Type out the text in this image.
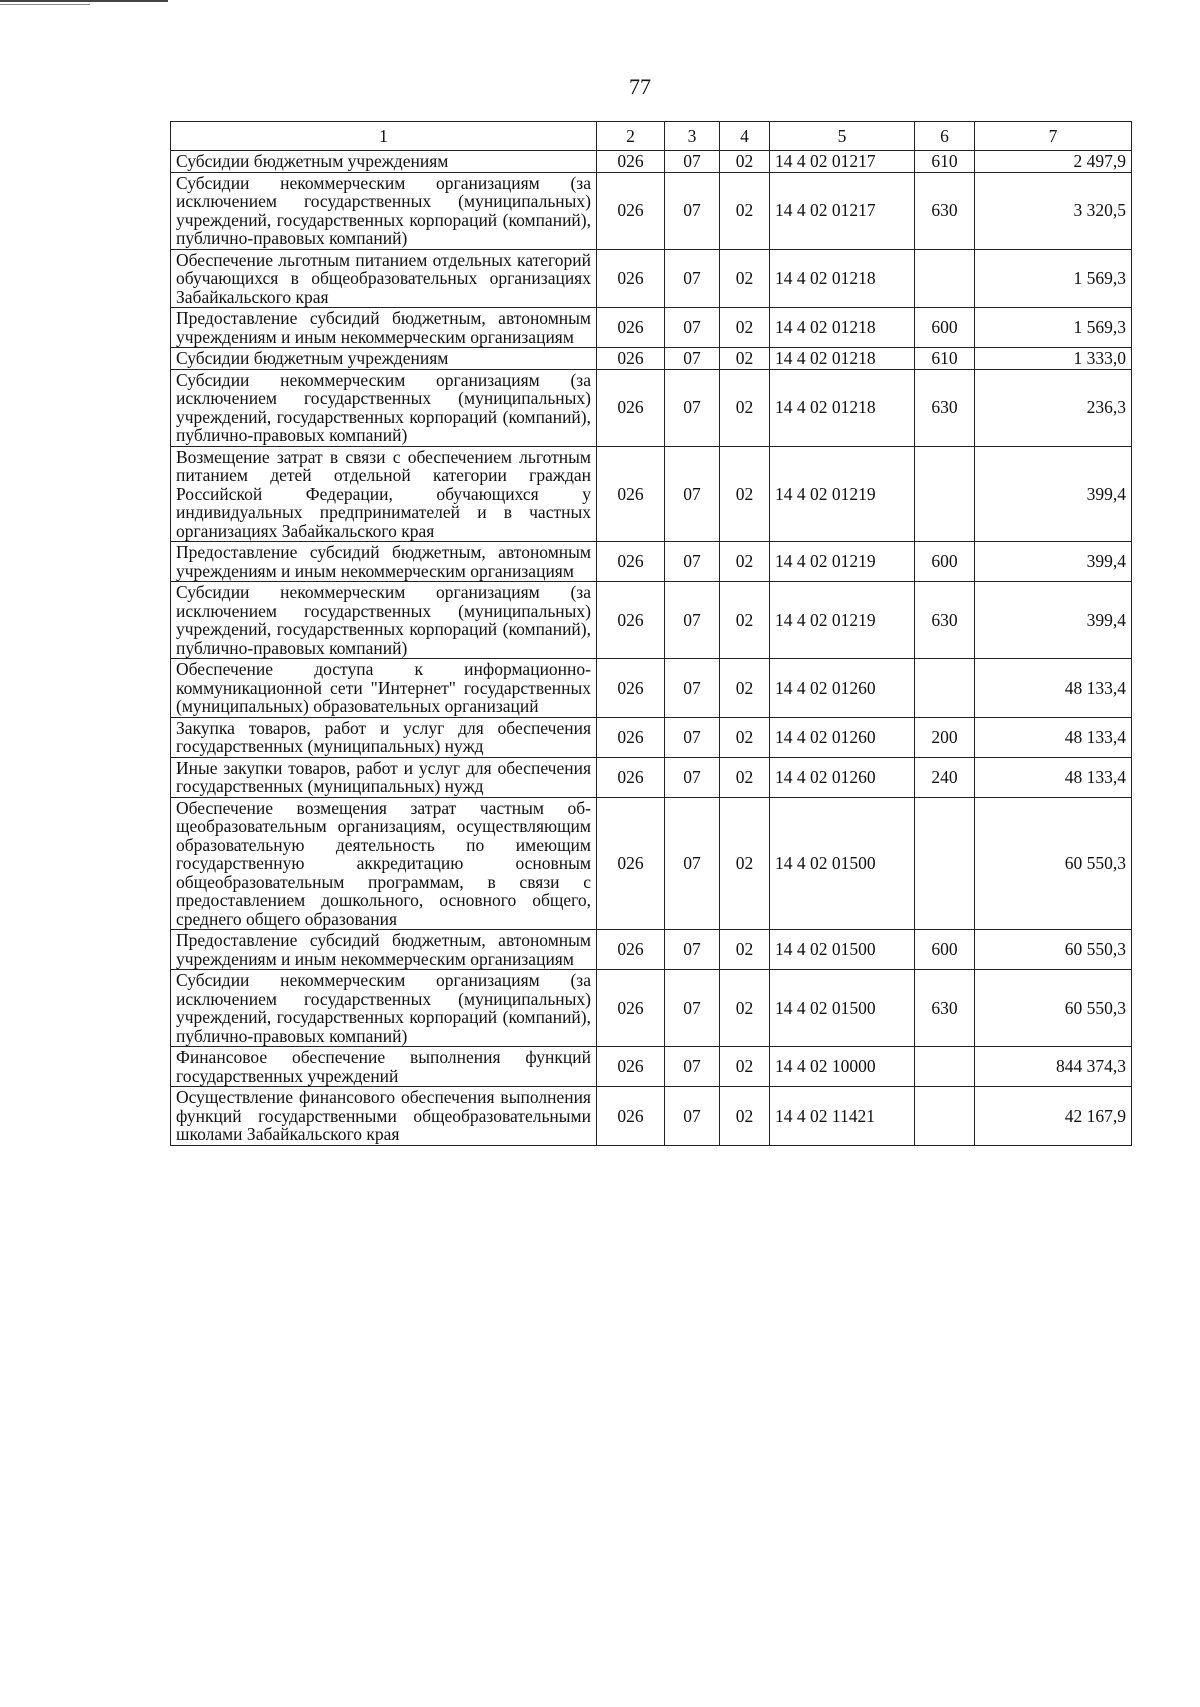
77
1	2	3	4	5	6	7
Субсидии бюджетным учреждениям	026	07	02	14 4 02 01217	610	2 497,9
Субсидии некоммерческим организациям (за исключением государственных (муниципальных) учреждений, государственных корпораций (компаний), публично-правовых компаний)	026	07	02	14 4 02 01217	630	3 320,5
Обеспечение льготным питанием отдельных категорий обучающихся в общеобразовательных организациях Забайкальского края	026	07	02	14 4 02 01218		1 569,3
Предоставление субсидий бюджетным, автономным учреждениям и иным некоммерческим организациям	026	07	02	14 4 02 01218	600	1 569,3
Субсидии бюджетным учреждениям	026	07	02	14 4 02 01218	610	1 333,0
Субсидии некоммерческим организациям (за исключением государственных (муниципальных) учреждений, государственных корпораций (компаний), публично-правовых компаний)	026	07	02	14 4 02 01218	630	236,3
Возмещение затрат в связи с обеспечением льготным питанием детей отдельной категории граждан Российской Федерации, обучающихся у индивидуальных предпринимателей и в частных организациях Забайкальского края	026	07	02	14 4 02 01219		399,4
Предоставление субсидий бюджетным, автономным учреждениям и иным некоммерческим организациям	026	07	02	14 4 02 01219	600	399,4
Субсидии некоммерческим организациям (за исключением государственных (муниципальных) учреждений, государственных корпораций (компаний), публично-правовых компаний)	026	07	02	14 4 02 01219	630	399,4
Обеспечение доступа к информационно-коммуникационной сети "Интернет" государственных (муниципальных) образовательных организаций	026	07	02	14 4 02 01260		48 133,4
Закупка товаров, работ и услуг для обеспечения государственных (муниципальных) нужд	026	07	02	14 4 02 01260	200	48 133,4
Иные закупки товаров, работ и услуг для обеспечения государственных (муниципальных) нужд	026	07	02	14 4 02 01260	240	48 133,4
Обеспечение возмещения затрат частным общеобразовательным организациям, осуществляющим образовательную деятельность по имеющим государственную аккредитацию основным общеобразовательным программам, в связи с предоставлением дошкольного, основного общего, среднего общего образования	026	07	02	14 4 02 01500		60 550,3
Предоставление субсидий бюджетным, автономным учреждениям и иным некоммерческим организациям	026	07	02	14 4 02 01500	600	60 550,3
Субсидии некоммерческим организациям (за исключением государственных (муниципальных) учреждений, государственных корпораций (компаний), публично-правовых компаний)	026	07	02	14 4 02 01500	630	60 550,3
Финансовое обеспечение выполнения функций государственных учреждений	026	07	02	14 4 02 10000		844 374,3
Осуществление финансового обеспечения выполнения функций государственными общеобразовательными школами Забайкальского края	026	07	02	14 4 02 11421		42 167,9
